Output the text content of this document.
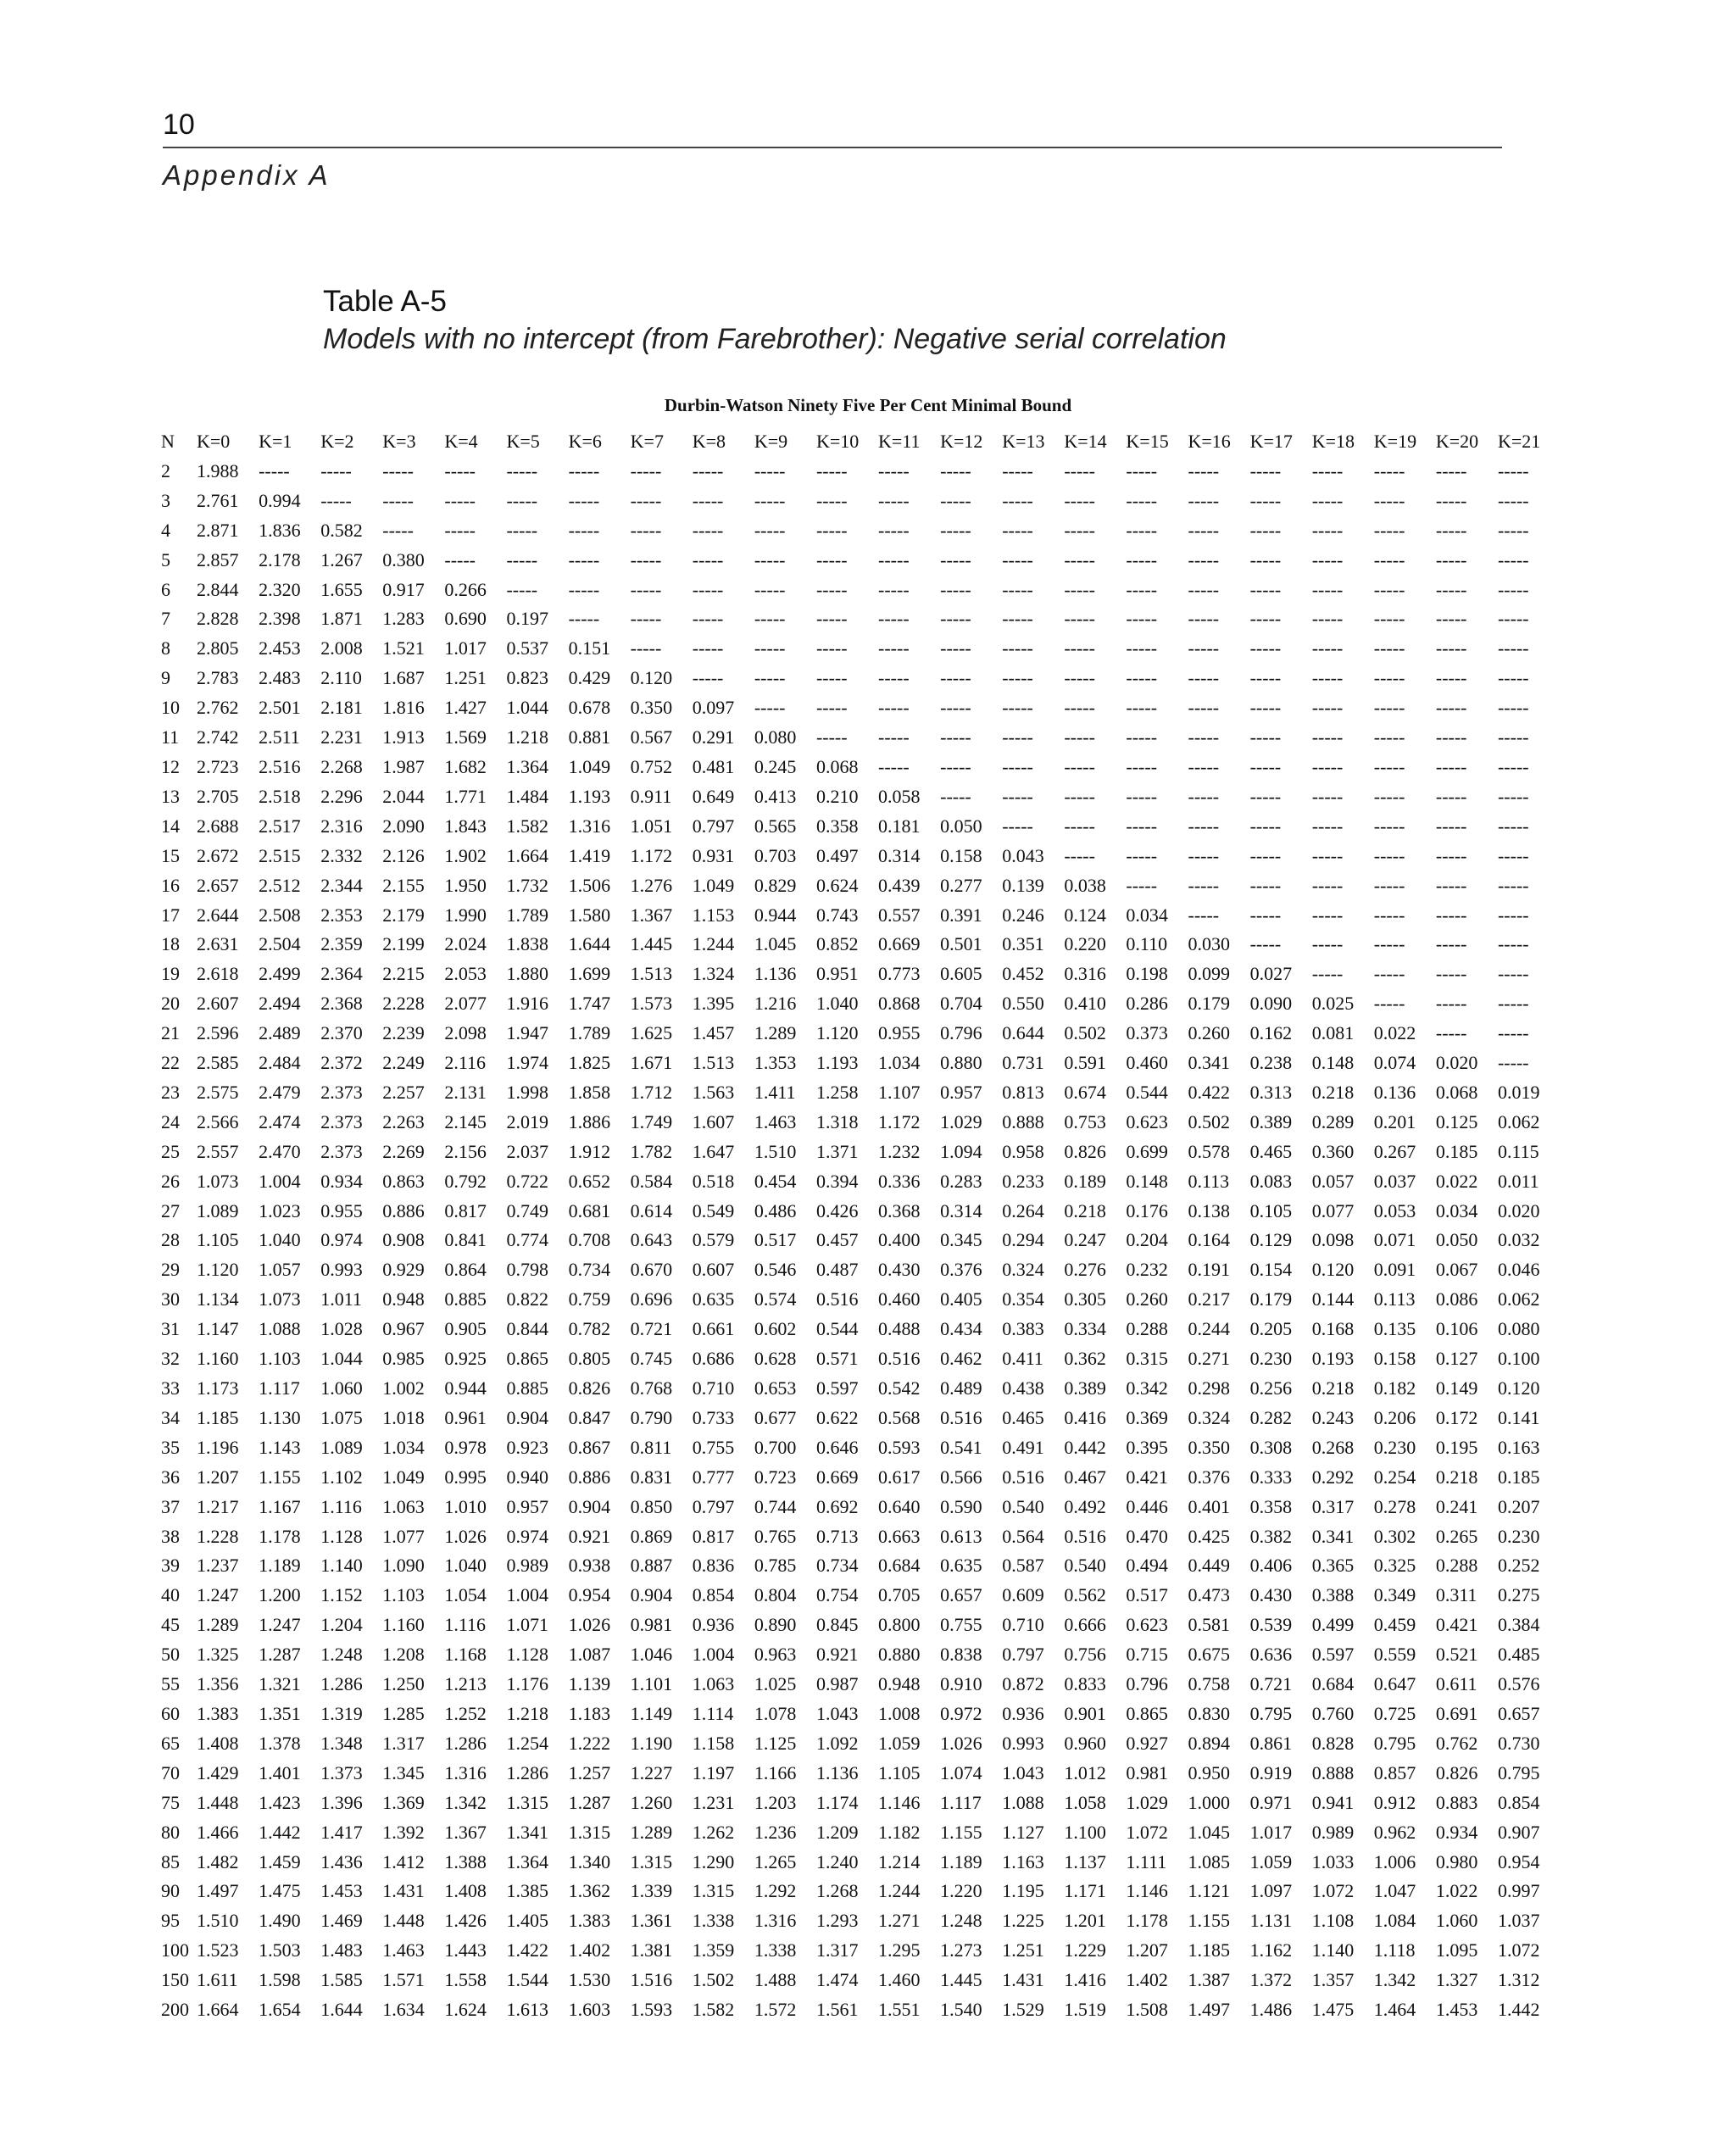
10
Appendix A
Table A-5
Models with no intercept (from Farebrother): Negative serial correlation
Durbin-Watson Ninety Five Per Cent Minimal Bound
N	K=0	K=1	K=2	K=3	K=4	K=5	K=6	K=7	K=8	K=9	K=10	K=11	K=12	K=13	K=14	K=15	K=16	K=17	K=18	K=19	K=20	K=21
2	1.988	-----	-----	-----	-----	-----	-----	-----	-----	-----	-----	-----	-----	-----	-----	-----	-----	-----	-----	-----	-----	-----
3	2.761	0.994	-----	-----	-----	-----	-----	-----	-----	-----	-----	-----	-----	-----	-----	-----	-----	-----	-----	-----	-----	-----
4	2.871	1.836	0.582	-----	-----	-----	-----	-----	-----	-----	-----	-----	-----	-----	-----	-----	-----	-----	-----	-----	-----	-----
5	2.857	2.178	1.267	0.380	-----	-----	-----	-----	-----	-----	-----	-----	-----	-----	-----	-----	-----	-----	-----	-----	-----	-----
6	2.844	2.320	1.655	0.917	0.266	-----	-----	-----	-----	-----	-----	-----	-----	-----	-----	-----	-----	-----	-----	-----	-----	-----
7	2.828	2.398	1.871	1.283	0.690	0.197	-----	-----	-----	-----	-----	-----	-----	-----	-----	-----	-----	-----	-----	-----	-----	-----
8	2.805	2.453	2.008	1.521	1.017	0.537	0.151	-----	-----	-----	-----	-----	-----	-----	-----	-----	-----	-----	-----	-----	-----	-----
9	2.783	2.483	2.110	1.687	1.251	0.823	0.429	0.120	-----	-----	-----	-----	-----	-----	-----	-----	-----	-----	-----	-----	-----	-----
10	2.762	2.501	2.181	1.816	1.427	1.044	0.678	0.350	0.097	-----	-----	-----	-----	-----	-----	-----	-----	-----	-----	-----	-----	-----
11	2.742	2.511	2.231	1.913	1.569	1.218	0.881	0.567	0.291	0.080	-----	-----	-----	-----	-----	-----	-----	-----	-----	-----	-----	-----
12	2.723	2.516	2.268	1.987	1.682	1.364	1.049	0.752	0.481	0.245	0.068	-----	-----	-----	-----	-----	-----	-----	-----	-----	-----	-----
13	2.705	2.518	2.296	2.044	1.771	1.484	1.193	0.911	0.649	0.413	0.210	0.058	-----	-----	-----	-----	-----	-----	-----	-----	-----	-----
14	2.688	2.517	2.316	2.090	1.843	1.582	1.316	1.051	0.797	0.565	0.358	0.181	0.050	-----	-----	-----	-----	-----	-----	-----	-----	-----
15	2.672	2.515	2.332	2.126	1.902	1.664	1.419	1.172	0.931	0.703	0.497	0.314	0.158	0.043	-----	-----	-----	-----	-----	-----	-----	-----
16	2.657	2.512	2.344	2.155	1.950	1.732	1.506	1.276	1.049	0.829	0.624	0.439	0.277	0.139	0.038	-----	-----	-----	-----	-----	-----	-----
17	2.644	2.508	2.353	2.179	1.990	1.789	1.580	1.367	1.153	0.944	0.743	0.557	0.391	0.246	0.124	0.034	-----	-----	-----	-----	-----	-----
18	2.631	2.504	2.359	2.199	2.024	1.838	1.644	1.445	1.244	1.045	0.852	0.669	0.501	0.351	0.220	0.110	0.030	-----	-----	-----	-----	-----
19	2.618	2.499	2.364	2.215	2.053	1.880	1.699	1.513	1.324	1.136	0.951	0.773	0.605	0.452	0.316	0.198	0.099	0.027	-----	-----	-----	-----
20	2.607	2.494	2.368	2.228	2.077	1.916	1.747	1.573	1.395	1.216	1.040	0.868	0.704	0.550	0.410	0.286	0.179	0.090	0.025	-----	-----	-----
21	2.596	2.489	2.370	2.239	2.098	1.947	1.789	1.625	1.457	1.289	1.120	0.955	0.796	0.644	0.502	0.373	0.260	0.162	0.081	0.022	-----	-----
22	2.585	2.484	2.372	2.249	2.116	1.974	1.825	1.671	1.513	1.353	1.193	1.034	0.880	0.731	0.591	0.460	0.341	0.238	0.148	0.074	0.020	-----
23	2.575	2.479	2.373	2.257	2.131	1.998	1.858	1.712	1.563	1.411	1.258	1.107	0.957	0.813	0.674	0.544	0.422	0.313	0.218	0.136	0.068	0.019
24	2.566	2.474	2.373	2.263	2.145	2.019	1.886	1.749	1.607	1.463	1.318	1.172	1.029	0.888	0.753	0.623	0.502	0.389	0.289	0.201	0.125	0.062
25	2.557	2.470	2.373	2.269	2.156	2.037	1.912	1.782	1.647	1.510	1.371	1.232	1.094	0.958	0.826	0.699	0.578	0.465	0.360	0.267	0.185	0.115
26	1.073	1.004	0.934	0.863	0.792	0.722	0.652	0.584	0.518	0.454	0.394	0.336	0.283	0.233	0.189	0.148	0.113	0.083	0.057	0.037	0.022	0.011
27	1.089	1.023	0.955	0.886	0.817	0.749	0.681	0.614	0.549	0.486	0.426	0.368	0.314	0.264	0.218	0.176	0.138	0.105	0.077	0.053	0.034	0.020
28	1.105	1.040	0.974	0.908	0.841	0.774	0.708	0.643	0.579	0.517	0.457	0.400	0.345	0.294	0.247	0.204	0.164	0.129	0.098	0.071	0.050	0.032
29	1.120	1.057	0.993	0.929	0.864	0.798	0.734	0.670	0.607	0.546	0.487	0.430	0.376	0.324	0.276	0.232	0.191	0.154	0.120	0.091	0.067	0.046
30	1.134	1.073	1.011	0.948	0.885	0.822	0.759	0.696	0.635	0.574	0.516	0.460	0.405	0.354	0.305	0.260	0.217	0.179	0.144	0.113	0.086	0.062
31	1.147	1.088	1.028	0.967	0.905	0.844	0.782	0.721	0.661	0.602	0.544	0.488	0.434	0.383	0.334	0.288	0.244	0.205	0.168	0.135	0.106	0.080
32	1.160	1.103	1.044	0.985	0.925	0.865	0.805	0.745	0.686	0.628	0.571	0.516	0.462	0.411	0.362	0.315	0.271	0.230	0.193	0.158	0.127	0.100
33	1.173	1.117	1.060	1.002	0.944	0.885	0.826	0.768	0.710	0.653	0.597	0.542	0.489	0.438	0.389	0.342	0.298	0.256	0.218	0.182	0.149	0.120
34	1.185	1.130	1.075	1.018	0.961	0.904	0.847	0.790	0.733	0.677	0.622	0.568	0.516	0.465	0.416	0.369	0.324	0.282	0.243	0.206	0.172	0.141
35	1.196	1.143	1.089	1.034	0.978	0.923	0.867	0.811	0.755	0.700	0.646	0.593	0.541	0.491	0.442	0.395	0.350	0.308	0.268	0.230	0.195	0.163
36	1.207	1.155	1.102	1.049	0.995	0.940	0.886	0.831	0.777	0.723	0.669	0.617	0.566	0.516	0.467	0.421	0.376	0.333	0.292	0.254	0.218	0.185
37	1.217	1.167	1.116	1.063	1.010	0.957	0.904	0.850	0.797	0.744	0.692	0.640	0.590	0.540	0.492	0.446	0.401	0.358	0.317	0.278	0.241	0.207
38	1.228	1.178	1.128	1.077	1.026	0.974	0.921	0.869	0.817	0.765	0.713	0.663	0.613	0.564	0.516	0.470	0.425	0.382	0.341	0.302	0.265	0.230
39	1.237	1.189	1.140	1.090	1.040	0.989	0.938	0.887	0.836	0.785	0.734	0.684	0.635	0.587	0.540	0.494	0.449	0.406	0.365	0.325	0.288	0.252
40	1.247	1.200	1.152	1.103	1.054	1.004	0.954	0.904	0.854	0.804	0.754	0.705	0.657	0.609	0.562	0.517	0.473	0.430	0.388	0.349	0.311	0.275
45	1.289	1.247	1.204	1.160	1.116	1.071	1.026	0.981	0.936	0.890	0.845	0.800	0.755	0.710	0.666	0.623	0.581	0.539	0.499	0.459	0.421	0.384
50	1.325	1.287	1.248	1.208	1.168	1.128	1.087	1.046	1.004	0.963	0.921	0.880	0.838	0.797	0.756	0.715	0.675	0.636	0.597	0.559	0.521	0.485
55	1.356	1.321	1.286	1.250	1.213	1.176	1.139	1.101	1.063	1.025	0.987	0.948	0.910	0.872	0.833	0.796	0.758	0.721	0.684	0.647	0.611	0.576
60	1.383	1.351	1.319	1.285	1.252	1.218	1.183	1.149	1.114	1.078	1.043	1.008	0.972	0.936	0.901	0.865	0.830	0.795	0.760	0.725	0.691	0.657
65	1.408	1.378	1.348	1.317	1.286	1.254	1.222	1.190	1.158	1.125	1.092	1.059	1.026	0.993	0.960	0.927	0.894	0.861	0.828	0.795	0.762	0.730
70	1.429	1.401	1.373	1.345	1.316	1.286	1.257	1.227	1.197	1.166	1.136	1.105	1.074	1.043	1.012	0.981	0.950	0.919	0.888	0.857	0.826	0.795
75	1.448	1.423	1.396	1.369	1.342	1.315	1.287	1.260	1.231	1.203	1.174	1.146	1.117	1.088	1.058	1.029	1.000	0.971	0.941	0.912	0.883	0.854
80	1.466	1.442	1.417	1.392	1.367	1.341	1.315	1.289	1.262	1.236	1.209	1.182	1.155	1.127	1.100	1.072	1.045	1.017	0.989	0.962	0.934	0.907
85	1.482	1.459	1.436	1.412	1.388	1.364	1.340	1.315	1.290	1.265	1.240	1.214	1.189	1.163	1.137	1.111	1.085	1.059	1.033	1.006	0.980	0.954
90	1.497	1.475	1.453	1.431	1.408	1.385	1.362	1.339	1.315	1.292	1.268	1.244	1.220	1.195	1.171	1.146	1.121	1.097	1.072	1.047	1.022	0.997
95	1.510	1.490	1.469	1.448	1.426	1.405	1.383	1.361	1.338	1.316	1.293	1.271	1.248	1.225	1.201	1.178	1.155	1.131	1.108	1.084	1.060	1.037
100	1.523	1.503	1.483	1.463	1.443	1.422	1.402	1.381	1.359	1.338	1.317	1.295	1.273	1.251	1.229	1.207	1.185	1.162	1.140	1.118	1.095	1.072
150	1.611	1.598	1.585	1.571	1.558	1.544	1.530	1.516	1.502	1.488	1.474	1.460	1.445	1.431	1.416	1.402	1.387	1.372	1.357	1.342	1.327	1.312
200	1.664	1.654	1.644	1.634	1.624	1.613	1.603	1.593	1.582	1.572	1.561	1.551	1.540	1.529	1.519	1.508	1.497	1.486	1.475	1.464	1.453	1.442
